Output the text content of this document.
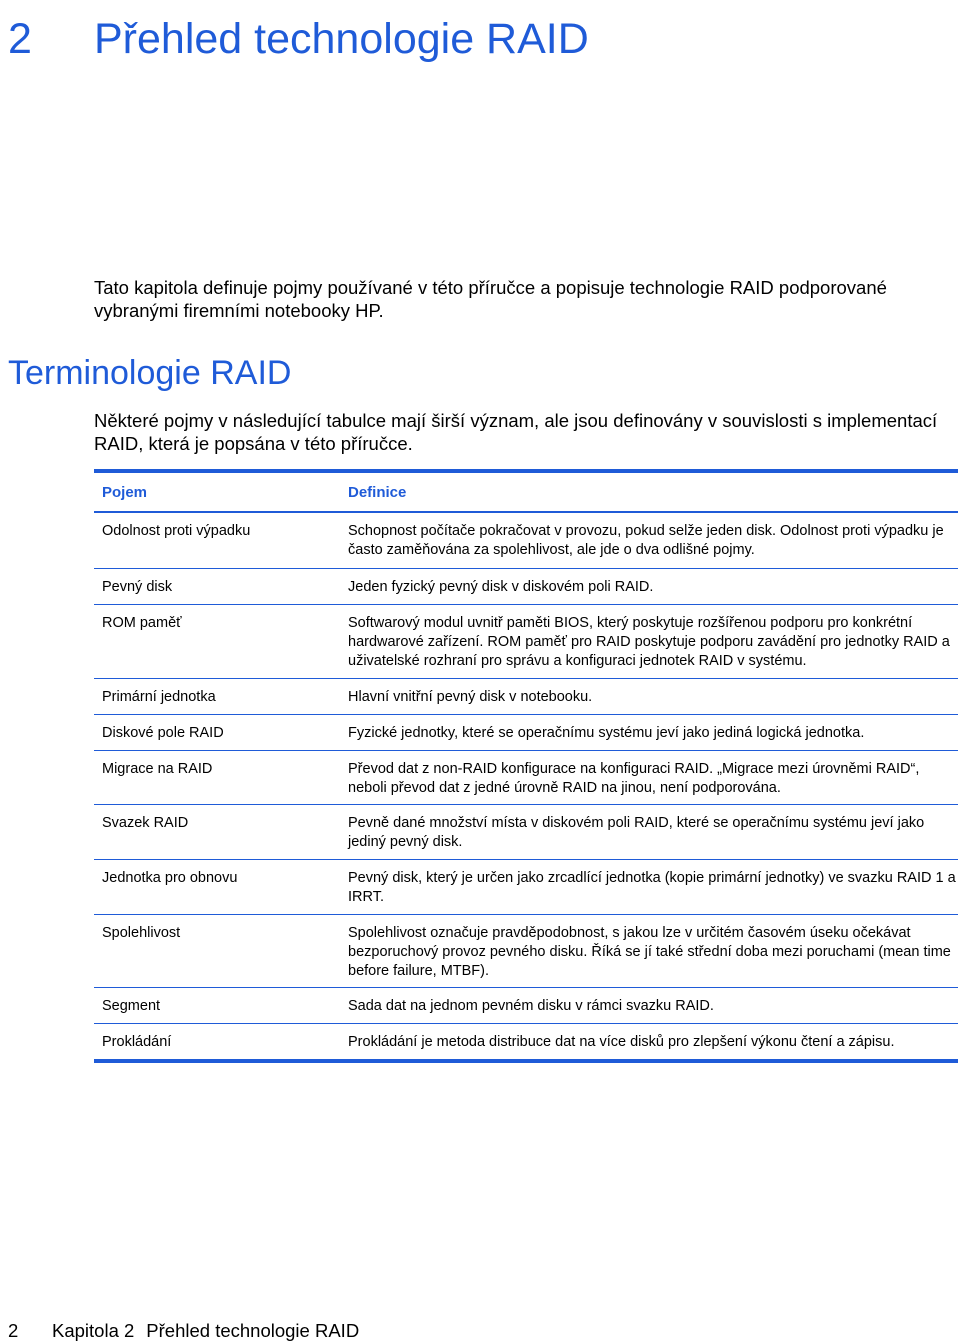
2 Přehled technologie RAID

Tato kapitola definuje pojmy používané v této příručce a popisuje technologie RAID podporované vybranými firemními notebooky HP.

Terminologie RAID

Některé pojmy v následující tabulce mají širší význam, ale jsou definovány v souvislosti s implementací RAID, která je popsána v této příručce.

Pojem	Definice
Odolnost proti výpadku	Schopnost počítače pokračovat v provozu, pokud selže jeden disk. Odolnost proti výpadku je často zaměňována za spolehlivost, ale jde o dva odlišné pojmy.
Pevný disk	Jeden fyzický pevný disk v diskovém poli RAID.
ROM paměť	Softwarový modul uvnitř paměti BIOS, který poskytuje rozšířenou podporu pro konkrétní hardwarové zařízení. ROM paměť pro RAID poskytuje podporu zavádění pro jednotky RAID a uživatelské rozhraní pro správu a konfiguraci jednotek RAID v systému.
Primární jednotka	Hlavní vnitřní pevný disk v notebooku.
Diskové pole RAID	Fyzické jednotky, které se operačnímu systému jeví jako jediná logická jednotka.
Migrace na RAID	Převod dat z non-RAID konfigurace na konfiguraci RAID. „Migrace mezi úrovněmi RAID“, neboli převod dat z jedné úrovně RAID na jinou, není podporována.
Svazek RAID	Pevně dané množství místa v diskovém poli RAID, které se operačnímu systému jeví jako jediný pevný disk.
Jednotka pro obnovu	Pevný disk, který je určen jako zrcadlící jednotka (kopie primární jednotky) ve svazku RAID 1 a IRRT.
Spolehlivost	Spolehlivost označuje pravděpodobnost, s jakou lze v určitém časovém úseku očekávat bezporuchový provoz pevného disku. Říká se jí také střední doba mezi poruchami (mean time before failure, MTBF).
Segment	Sada dat na jednom pevném disku v rámci svazku RAID.
Prokládání	Prokládání je metoda distribuce dat na více disků pro zlepšení výkonu čtení a zápisu.
2 Kapitola 2 Přehled technologie RAID
